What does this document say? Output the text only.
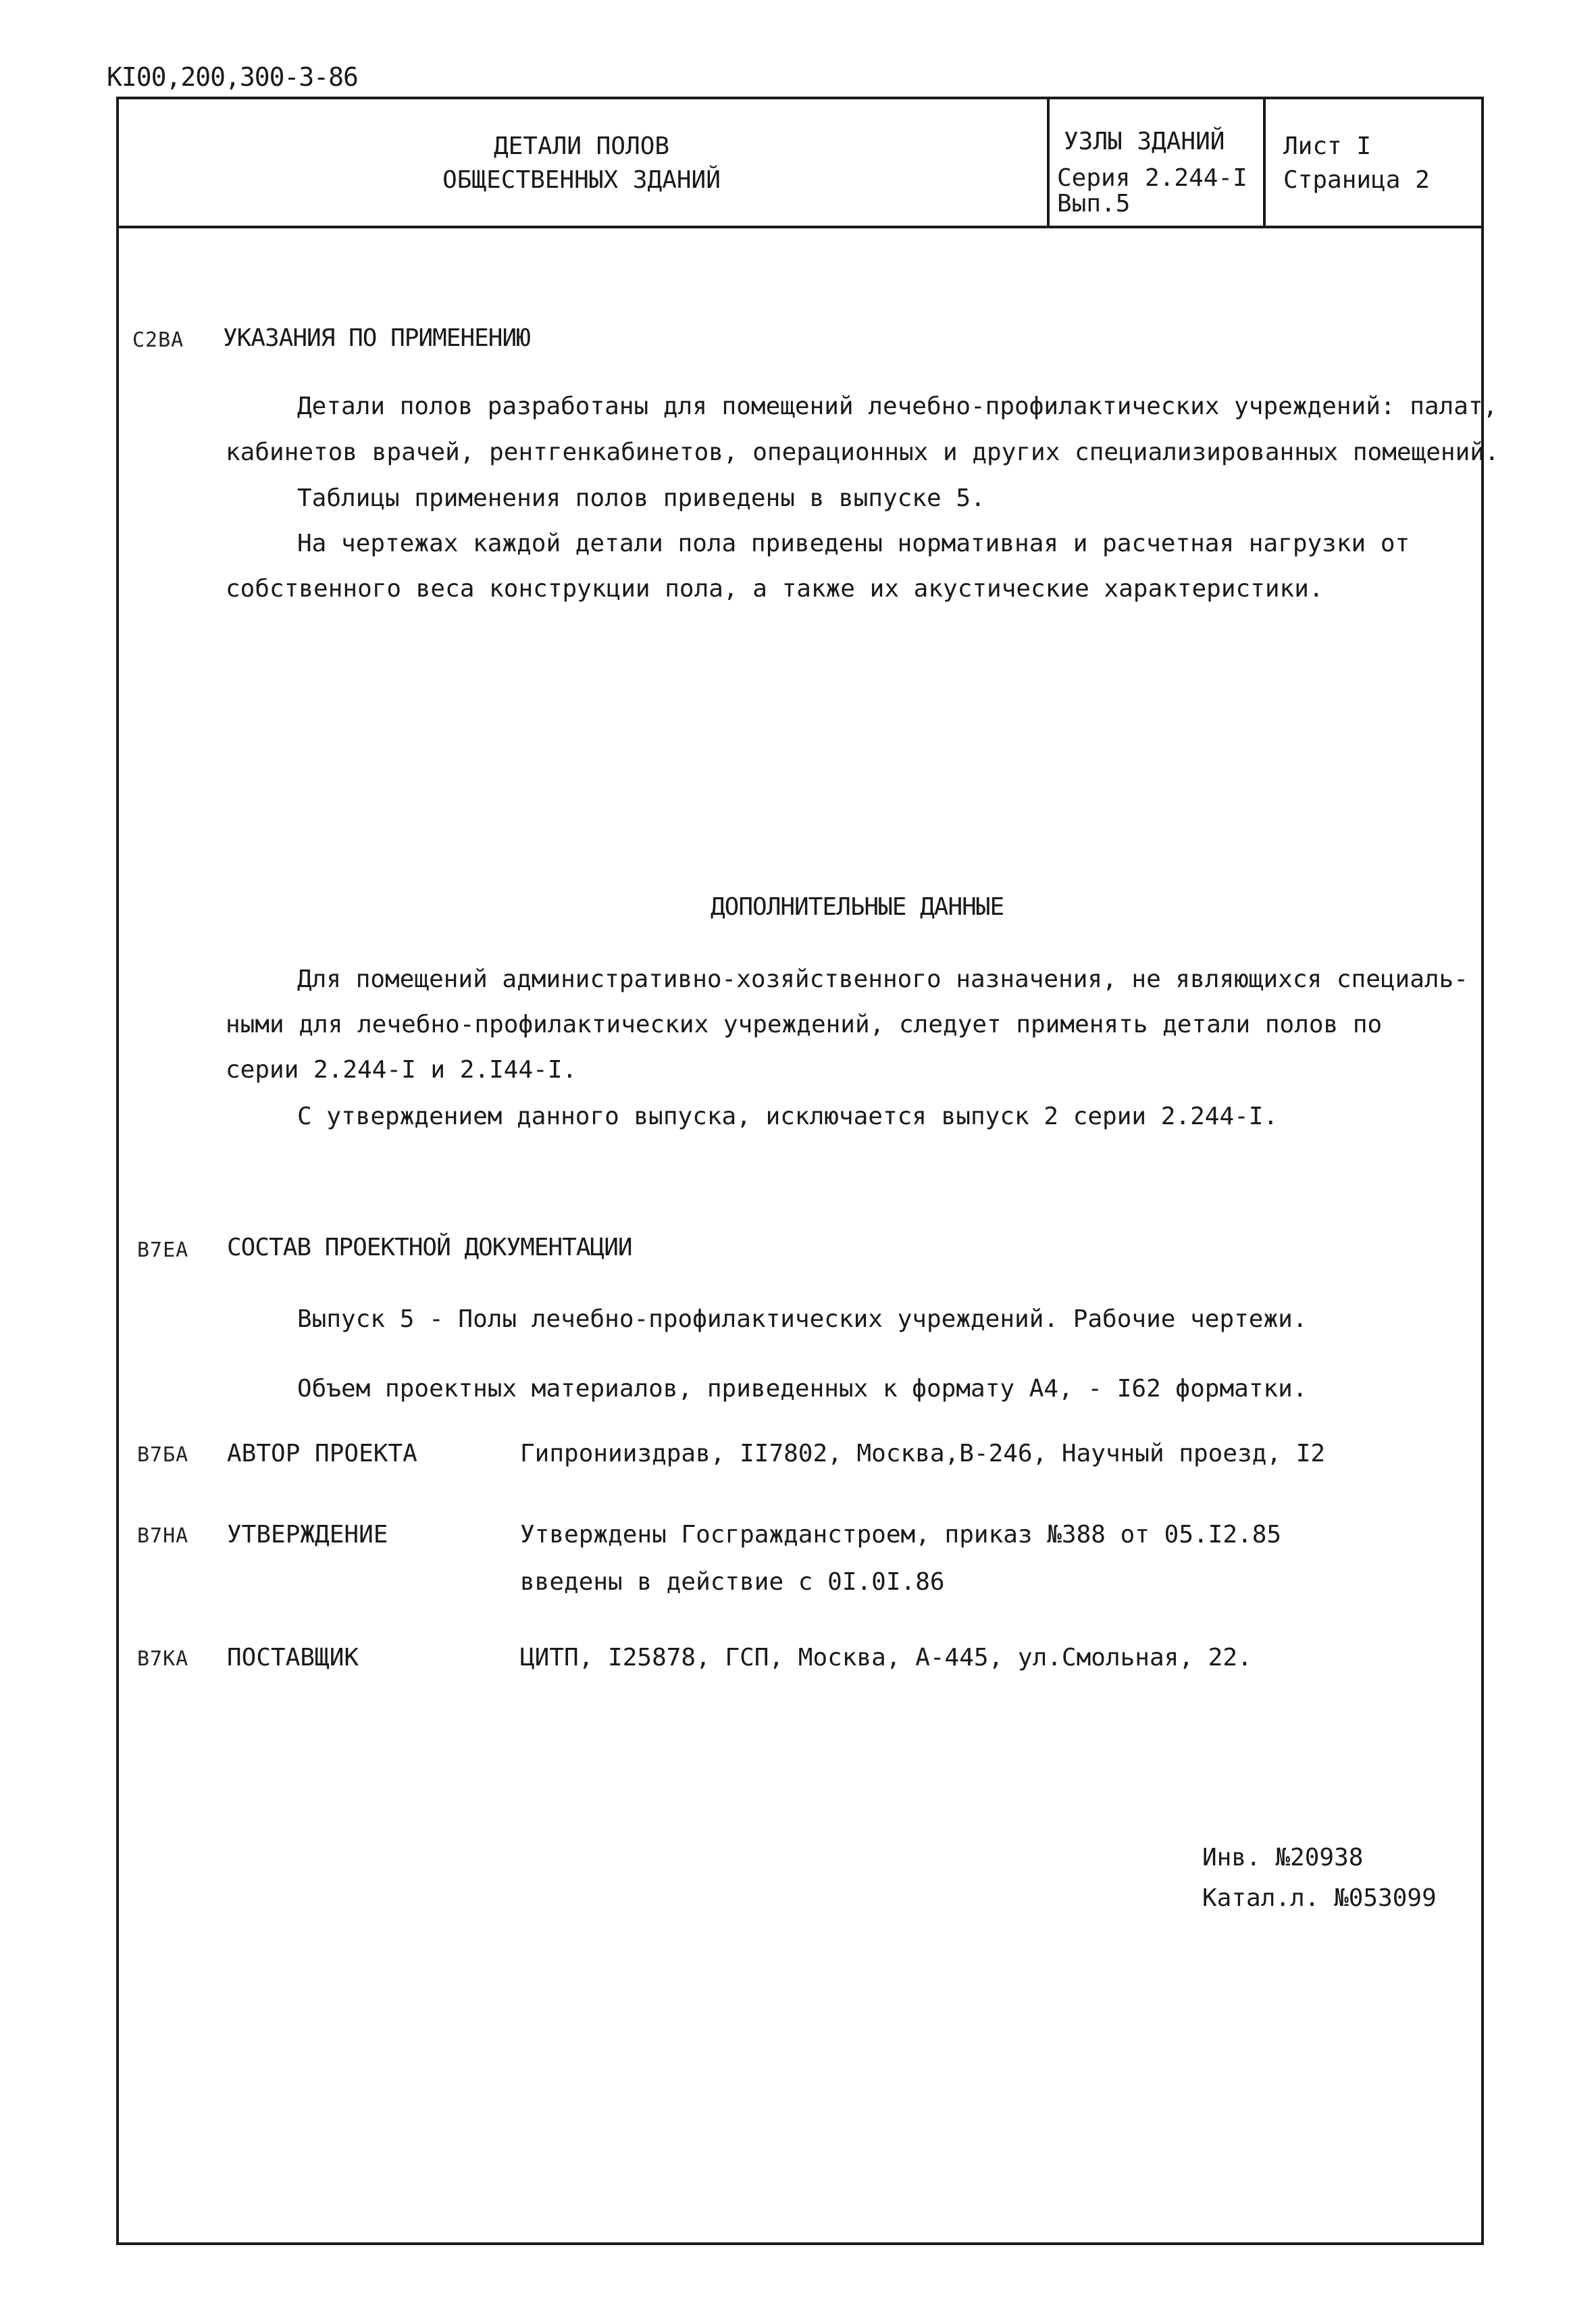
КI00,200,300-3-86
ДЕТАЛИ ПОЛОВ
ОБЩЕСТВЕННЫХ ЗДАНИЙ
УЗЛЫ ЗДАНИЙ
Серия 2.244-I
Вып.5
Лист I
Страница 2
C2BA УКАЗАНИЯ ПО ПРИМЕНЕНИЮ
Детали полов разработаны для помещений лечебно-профилактических учреждений: палат,
кабинетов врачей, рентгенкабинетов, операционных и других специализированных помещений.
Таблицы применения полов приведены в выпуске 5.
На чертежах каждой детали пола приведены нормативная и расчетная нагрузки от
собственного веса конструкции пола, а также их акустические характеристики.
ДОПОЛНИТЕЛЬНЫЕ ДАННЫЕ
Для помещений административно-хозяйственного назначения, не являющихся специаль-
ными для лечебно-профилактических учреждений, следует применять детали полов по
серии 2.244-I и 2.I44-I.
С утверждением данного выпуска, исключается выпуск 2 серии 2.244-I.
B7EA СОСТАВ ПРОЕКТНОЙ ДОКУМЕНТАЦИИ
Выпуск 5 - Полы лечебно-профилактических учреждений. Рабочие чертежи.
Объем проектных материалов, приведенных к формату А4, - I62 форматки.
B7БA АВТОР ПРОЕКТА	Гипронииздрав, II7802, Москва,В-246, Научный проезд, I2
B7HA УТВЕРЖДЕНИЕ	Утверждены Госгражданстроем, приказ №388 от 05.I2.85
введены в действие с 0I.0I.86
B7KA ПОСТАВЩИК	ЦИТП, I25878, ГСП, Москва, А-445, ул.Смольная, 22.
Инв. №20938
Катал.л. №053099
